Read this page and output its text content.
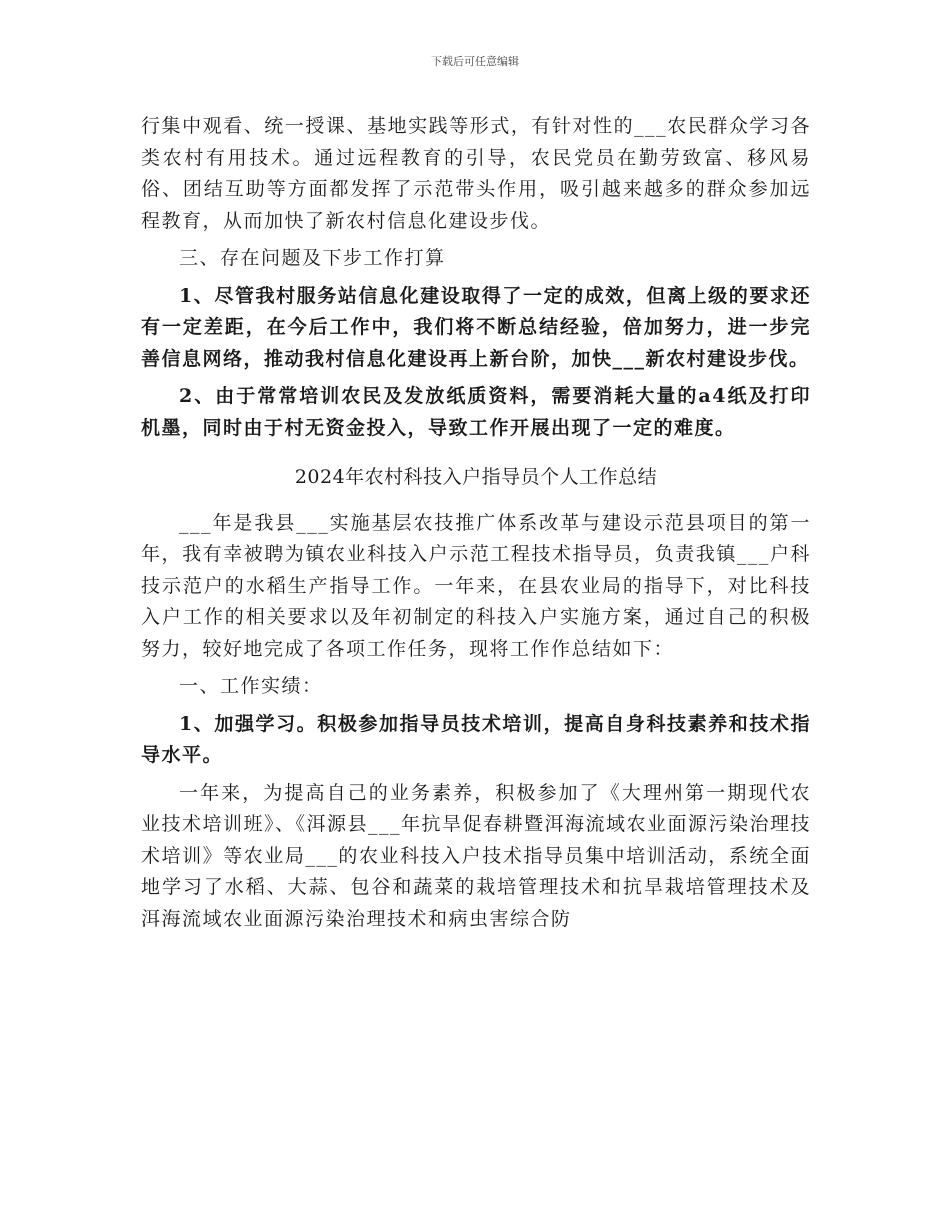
下载后可任意编辑

行集中观看、统一授课、基地实践等形式，有针对性的___农民群众学习各类农村有用技术。通过远程教育的引导，农民党员在勤劳致富、移风易俗、团结互助等方面都发挥了示范带头作用，吸引越来越多的群众参加远程教育，从而加快了新农村信息化建设步伐。

三、存在问题及下步工作打算

1、尽管我村服务站信息化建设取得了一定的成效，但离上级的要求还有一定差距，在今后工作中，我们将不断总结经验，倍加努力，进一步完善信息网络，推动我村信息化建设再上新台阶，加快___新农村建设步伐。

2、由于常常培训农民及发放纸质资料，需要消耗大量的a4纸及打印机墨，同时由于村无资金投入，导致工作开展出现了一定的难度。

2024年农村科技入户指导员个人工作总结

___年是我县___实施基层农技推广体系改革与建设示范县项目的第一年，我有幸被聘为镇农业科技入户示范工程技术指导员，负责我镇___户科技示范户的水稻生产指导工作。一年来，在县农业局的指导下，对比科技入户工作的相关要求以及年初制定的科技入户实施方案，通过自己的积极努力，较好地完成了各项工作任务，现将工作作总结如下：

一、工作实绩：

1、加强学习。积极参加指导员技术培训，提高自身科技素养和技术指导水平。

一年来，为提高自己的业务素养，积极参加了《大理州第一期现代农业技术培训班》、《洱源县___年抗旱促春耕暨洱海流域农业面源污染治理技术培训》等农业局___的农业科技入户技术指导员集中培训活动，系统全面地学习了水稻、大蒜、包谷和蔬菜的栽培管理技术和抗旱栽培管理技术及洱海流域农业面源污染治理技术和病虫害综合防
